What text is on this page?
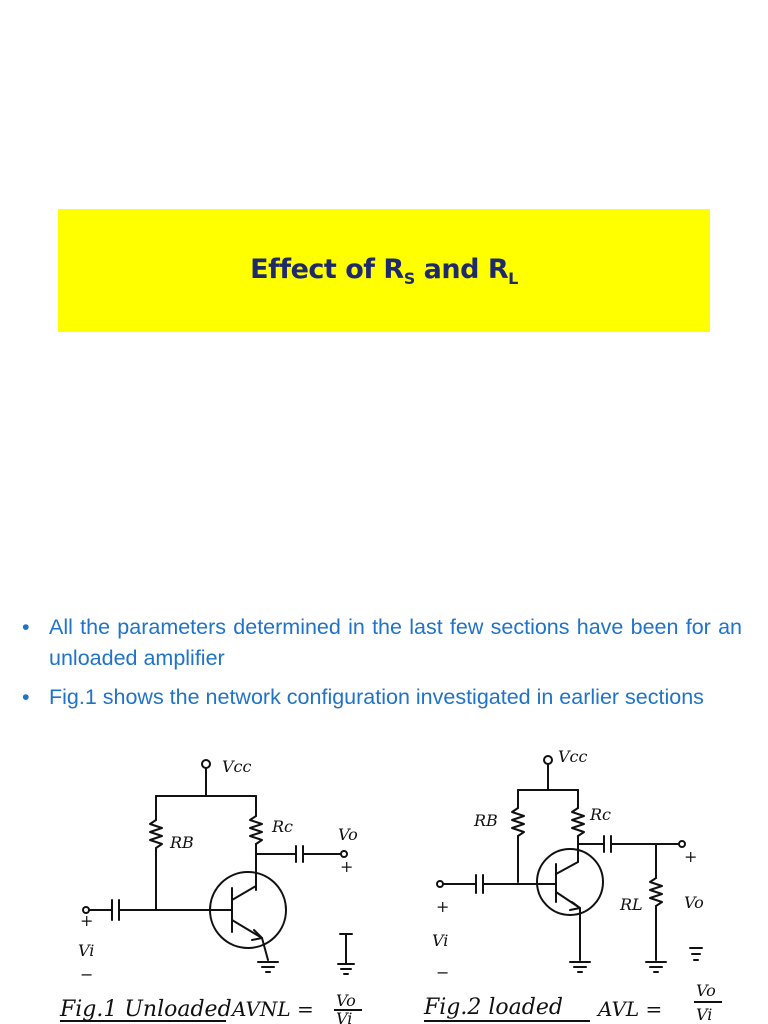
Effect of $R_S$ and $R_L$
• All the parameters determined in the last few sections have been for an unloaded amplifier
• Fig.1 shows the network configuration investigated in earlier sections
Vcc
RB
Rc	Vo
+
+
Vi
−
Fig.1 Unloaded AVNL = Vo
Vi
Vcc
RB	Rc
RL	Vo
+
+
Vi
−
Fig.2 loaded AVL =
Vo
Vi
